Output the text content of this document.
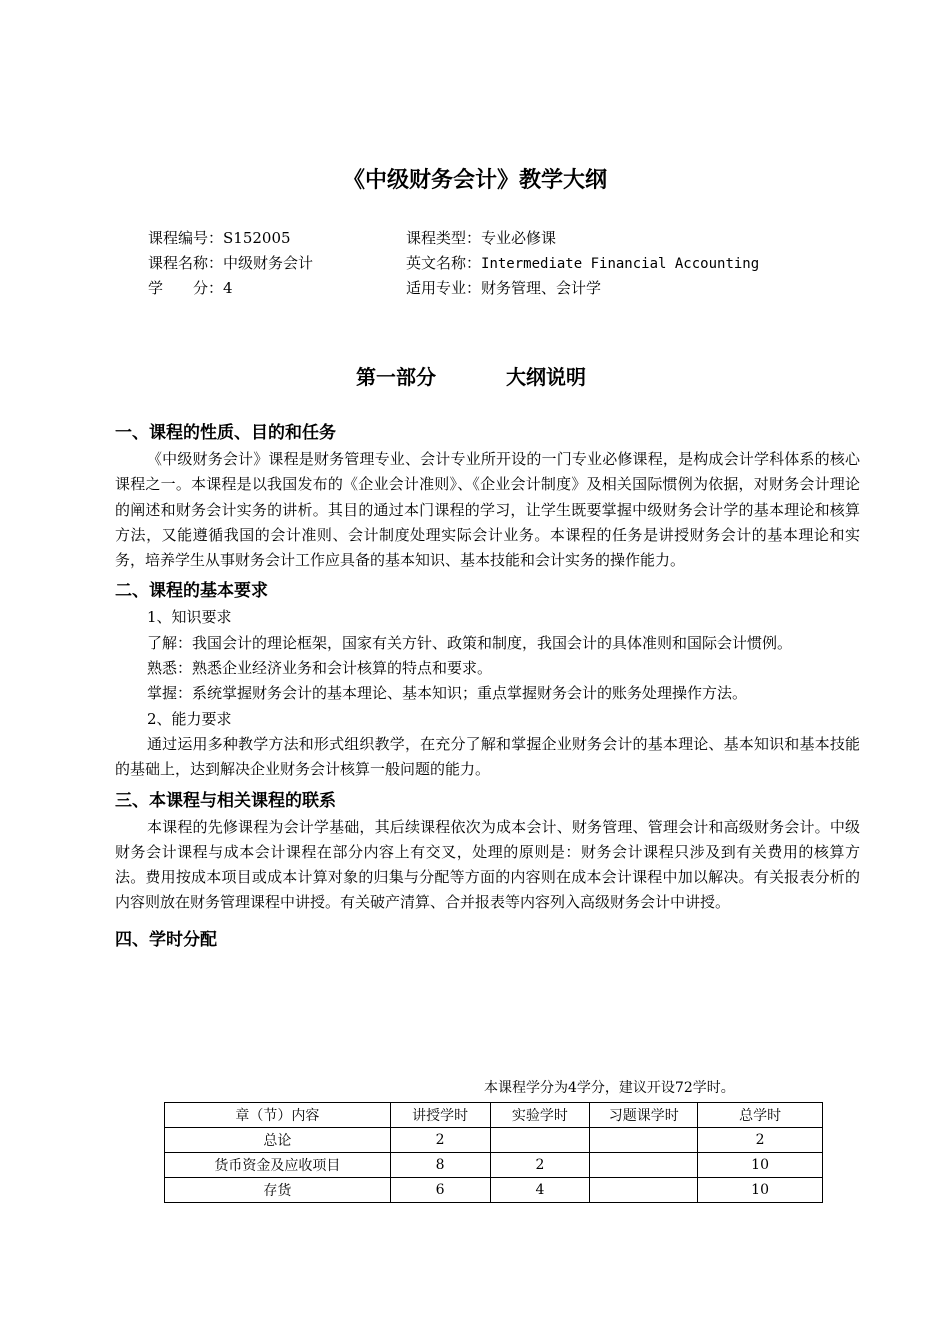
《中级财务会计》教学大纲
课程编号：S152005	课程类型：专业必修课
课程名称：中级财务会计	英文名称：Intermediate Financial Accounting
学　　分：4	适用专业：财务管理、会计学
第一部分	大纲说明
一、课程的性质、目的和任务

《中级财务会计》课程是财务管理专业、会计专业所开设的一门专业必修课程，是构成会计学科体系的核心课程之一。本课程是以我国发布的《企业会计准则》、《企业会计制度》及相关国际惯例为依据，对财务会计理论的阐述和财务会计实务的讲析。其目的通过本门课程的学习，让学生既要掌握中级财务会计学的基本理论和核算方法，又能遵循我国的会计准则、会计制度处理实际会计业务。本课程的任务是讲授财务会计的基本理论和实务，培养学生从事财务会计工作应具备的基本知识、基本技能和会计实务的操作能力。

二、课程的基本要求

1、知识要求

了解：我国会计的理论框架，国家有关方针、政策和制度，我国会计的具体准则和国际会计惯例。

熟悉：熟悉企业经济业务和会计核算的特点和要求。

掌握：系统掌握财务会计的基本理论、基本知识；重点掌握财务会计的账务处理操作方法。

2、能力要求

通过运用多种教学方法和形式组织教学，在充分了解和掌握企业财务会计的基本理论、基本知识和基本技能的基础上，达到解决企业财务会计核算一般问题的能力。

三、本课程与相关课程的联系

本课程的先修课程为会计学基础，其后续课程依次为成本会计、财务管理、管理会计和高级财务会计。中级财务会计课程与成本会计课程在部分内容上有交叉，处理的原则是：财务会计课程只涉及到有关费用的核算方法。费用按成本项目或成本计算对象的归集与分配等方面的内容则在成本会计课程中加以解决。有关报表分析的内容则放在财务管理课程中讲授。有关破产清算、合并报表等内容列入高级财务会计中讲授。

四、学时分配
本课程学分为4学分，建议开设72学时。
章（节）内容	讲授学时	实验学时	习题课学时	总学时
总论	2			2
货币资金及应收项目	8	2		10
存货	6	4		10
